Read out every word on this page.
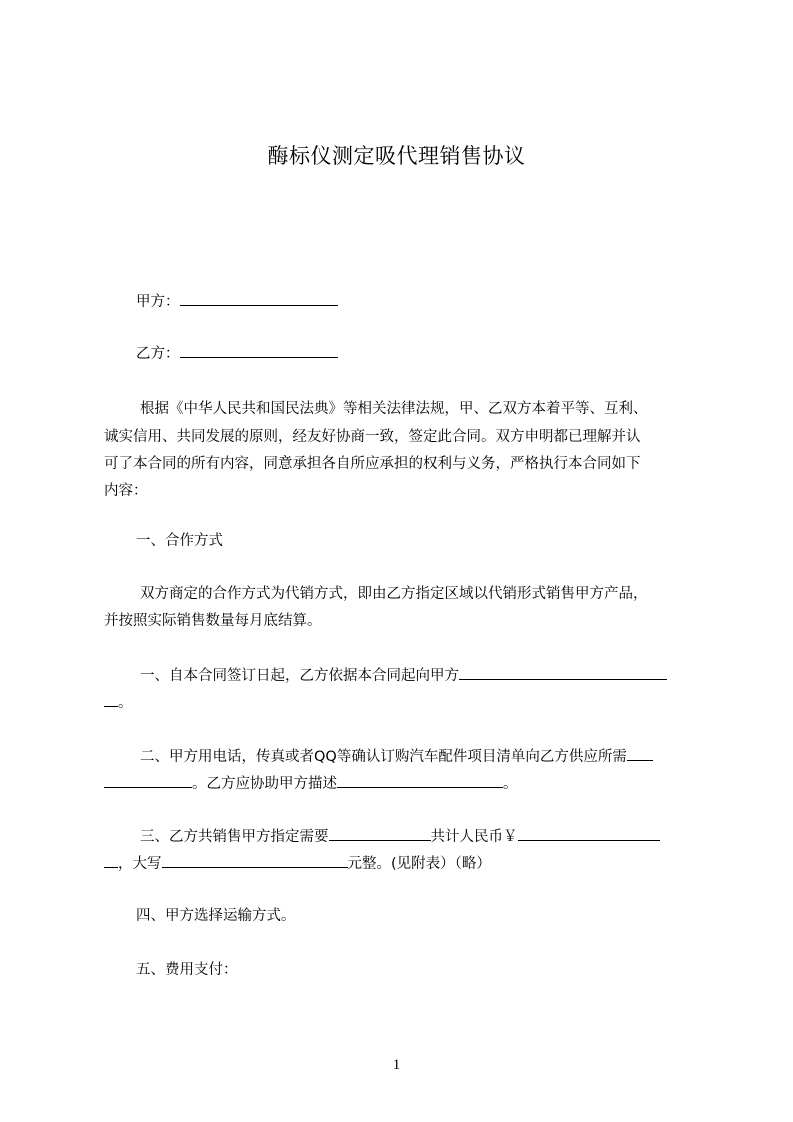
酶标仪测定吸代理销售协议
甲方：
乙方：
根据《中华人民共和国民法典》等相关法律法规，甲、乙双方本着平等、互利、
诚实信用、共同发展的原则，经友好协商一致，签定此合同。双方申明都已理解并认
可了本合同的所有内容，同意承担各自所应承担的权利与义务，严格执行本合同如下
内容：
一、合作方式
双方商定的合作方式为代销方式，即由乙方指定区域以代销形式销售甲方产品，
并按照实际销售数量每月底结算。
一、自本合同签订日起，乙方依据本合同起向甲方
。
二、甲方用电话，传真或者QQ等确认订购汽车配件项目清单向乙方供应所需
。乙方应协助甲方描述	。
三、乙方共销售甲方指定需要	共计人民币￥
，大写	元整。(见附表）（略）
四、甲方选择运输方式。
五、费用支付：
1
